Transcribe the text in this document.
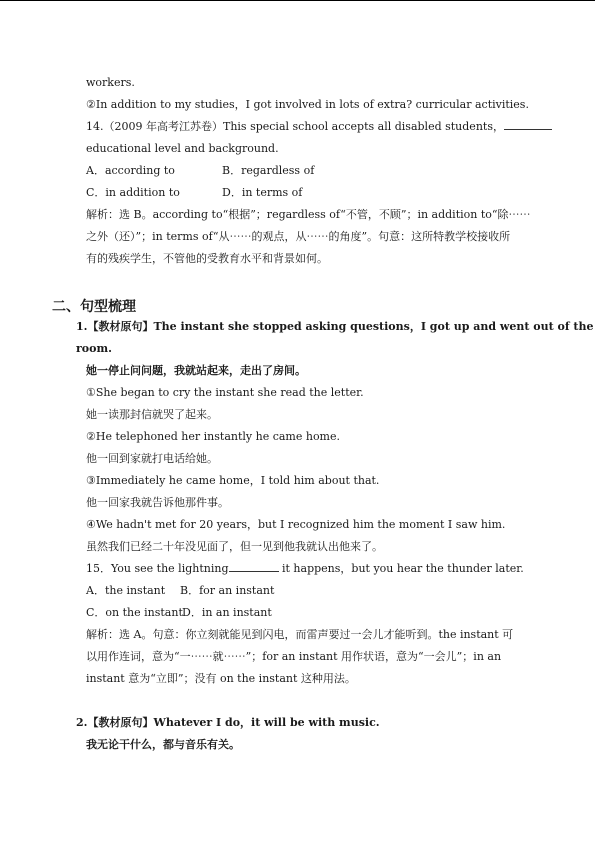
workers.
②In addition to my studies，I got involved in lots of extra? curricular activities.
14.（2009 年高考江苏卷）This special school accepts all disabled students，
educational level and background.
A．according to	B．regardless of
C．in addition to	D．in terms of
解析：选 B。according to“根据”；regardless of“不管，不顾”；in addition to“除⋯⋯
之外（还）”；in terms of“从⋯⋯的观点，从⋯⋯的角度”。句意：这所特教学校接收所
有的残疾学生，不管他的受教育水平和背景如何。
二、句型梳理
1.【教材原句】The instant she stopped asking questions，I got up and went out of the
room.
她一停止问问题，我就站起来，走出了房间。
①She began to cry the instant she read the letter.
她一读那封信就哭了起来。
②He telephoned her instantly he came home.
他一回到家就打电话给她。
③Immediately he came home，I told him about that.
他一回家我就告诉他那件事。
④We hadn't met for 20 years，but I recognized him the moment I saw him.
虽然我们已经二十年没见面了，但一见到他我就认出他来了。
15．You see the lightning	it happens，but you hear the thunder later.
A．the instant	B．for an instant
C．on the instant D．in an instant
解析：选 A。句意：你立刻就能见到闪电，而雷声要过一会儿才能听到。the instant 可
以用作连词，意为“一⋯⋯就⋯⋯”；for an instant 用作状语，意为“一会儿”；in an
instant 意为“立即”；没有 on the instant 这种用法。
2.【教材原句】Whatever I do，it will be with music.
我无论干什么，都与音乐有关。
